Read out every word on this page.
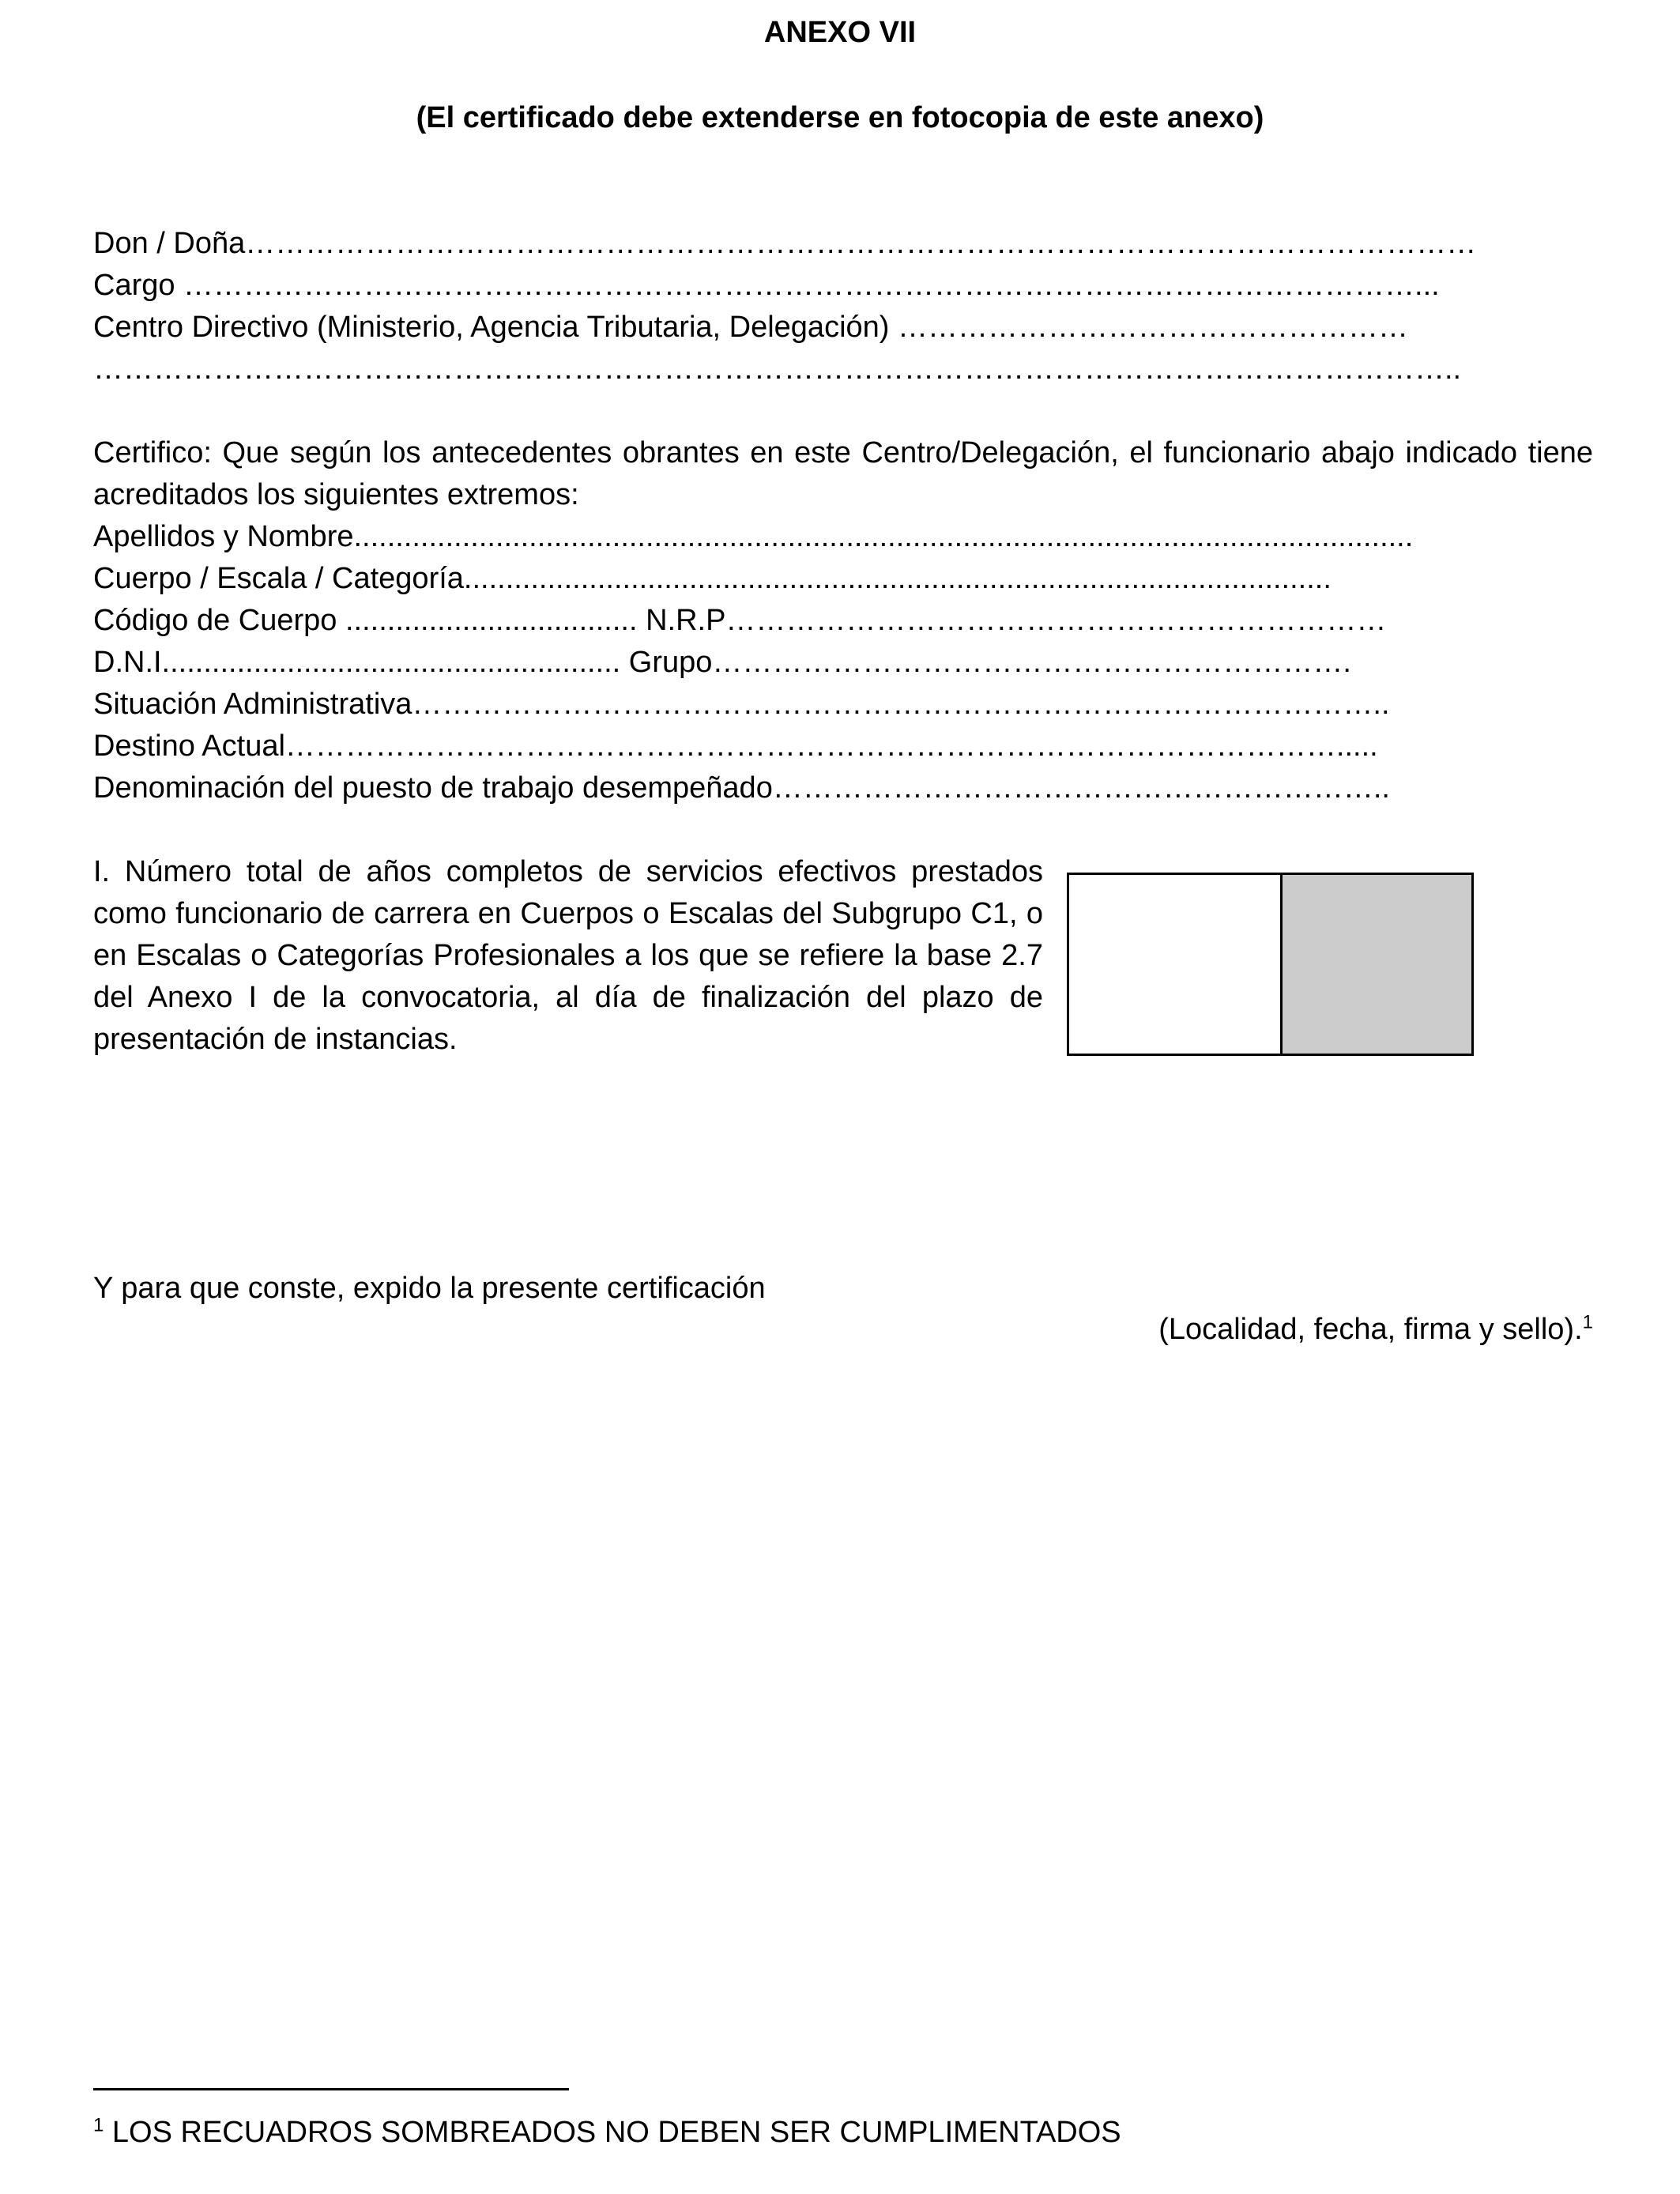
ANEXO VII
(El certificado debe extenderse en fotocopia de este anexo)
Don / Doña……………………………………………………………………………………………………………
Cargo ……………………………………………………………………………………………………………...
Centro Directivo (Ministerio, Agencia Tributaria, Delegación) ……………………………………………
………………………………………………………………………………………………………………………..
Certifico: Que según los antecedentes obrantes en este Centro/Delegación, el funcionario abajo indicado tiene acreditados los siguientes extremos:
Apellidos y Nombre...............................................................................................................................
Cuerpo / Escala / Categoría........................................................................................................
Código de Cuerpo ................................... N.R.P…………………………………………………………
D.N.I....................................................... Grupo……………………………………………………….
Situación Administrativa……………………………………………………………………………………..
Destino Actual…………………………………………………………………………………………….....
Denominación del puesto de trabajo desempeñado……………………………………………………..
I. Número total de años completos de servicios efectivos prestados como funcionario de carrera en Cuerpos o Escalas del Subgrupo C1, o en Escalas o Categorías Profesionales a los que se refiere la base 2.7 del Anexo I de la convocatoria, al día de finalización del plazo de presentación de instancias.
Y para que conste, expido la presente certificación
(Localidad, fecha, firma y sello).$^1$
$^1$ LOS RECUADROS SOMBREADOS NO DEBEN SER CUMPLIMENTADOS
